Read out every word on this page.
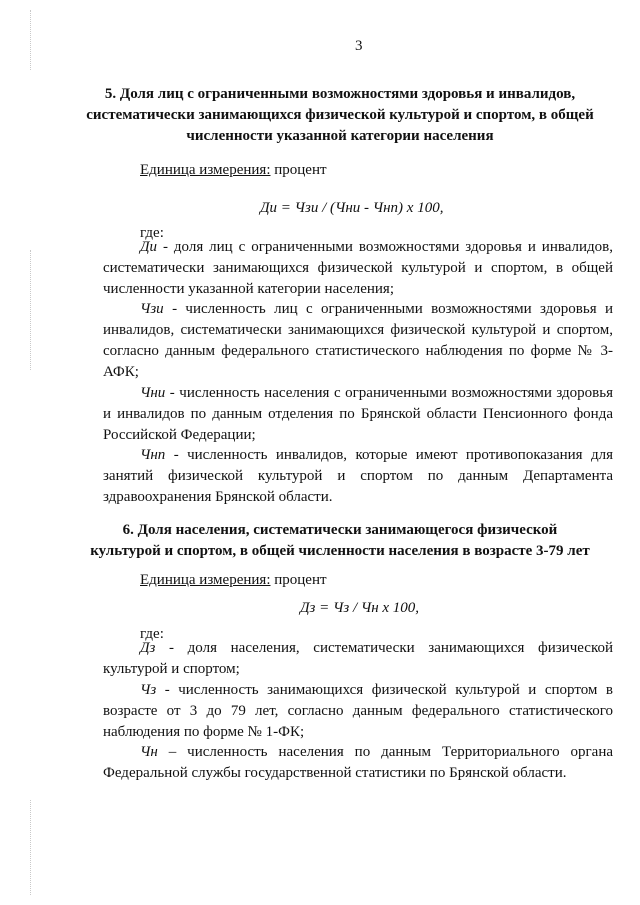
3
5. Доля лиц с ограниченными возможностями здоровья и инвалидов,
систематически занимающихся физической культурой и спортом, в общей
численности указанной категории населения
Единица измерения: процент
Ди = Чзи / (Чни - Чнп) х 100,
где:
Ди - доля лиц с ограниченными возможностями здоровья и инвалидов,
систематически занимающихся физической культурой и спортом, в общей
численности указанной категории населения;
Чзи - численность лиц с ограниченными возможностями здоровья и
инвалидов, систематически занимающихся физической культурой и спортом,
согласно данным федерального статистического наблюдения по форме № 3-
АФК;
Чни - численность населения с ограниченными возможностями здоровья
и инвалидов по данным отделения по Брянской области Пенсионного фонда
Российской Федерации;
Чнп - численность инвалидов, которые имеют противопоказания для
занятий физической культурой и спортом по данным Департамента
здравоохранения Брянской области.
6. Доля населения, систематически занимающегося физической
культурой и спортом, в общей численности населения в возрасте 3-79 лет
Единица измерения: процент
Дз = Чз / Чн х 100,
где:
Дз - доля населения, систематически занимающихся физической
культурой и спортом;
Чз - численность занимающихся физической культурой и спортом в
возрасте от 3 до 79 лет, согласно данным федерального статистического
наблюдения по форме № 1-ФК;
Чн – численность населения по данным Территориального органа
Федеральной службы государственной статистики по Брянской области.
